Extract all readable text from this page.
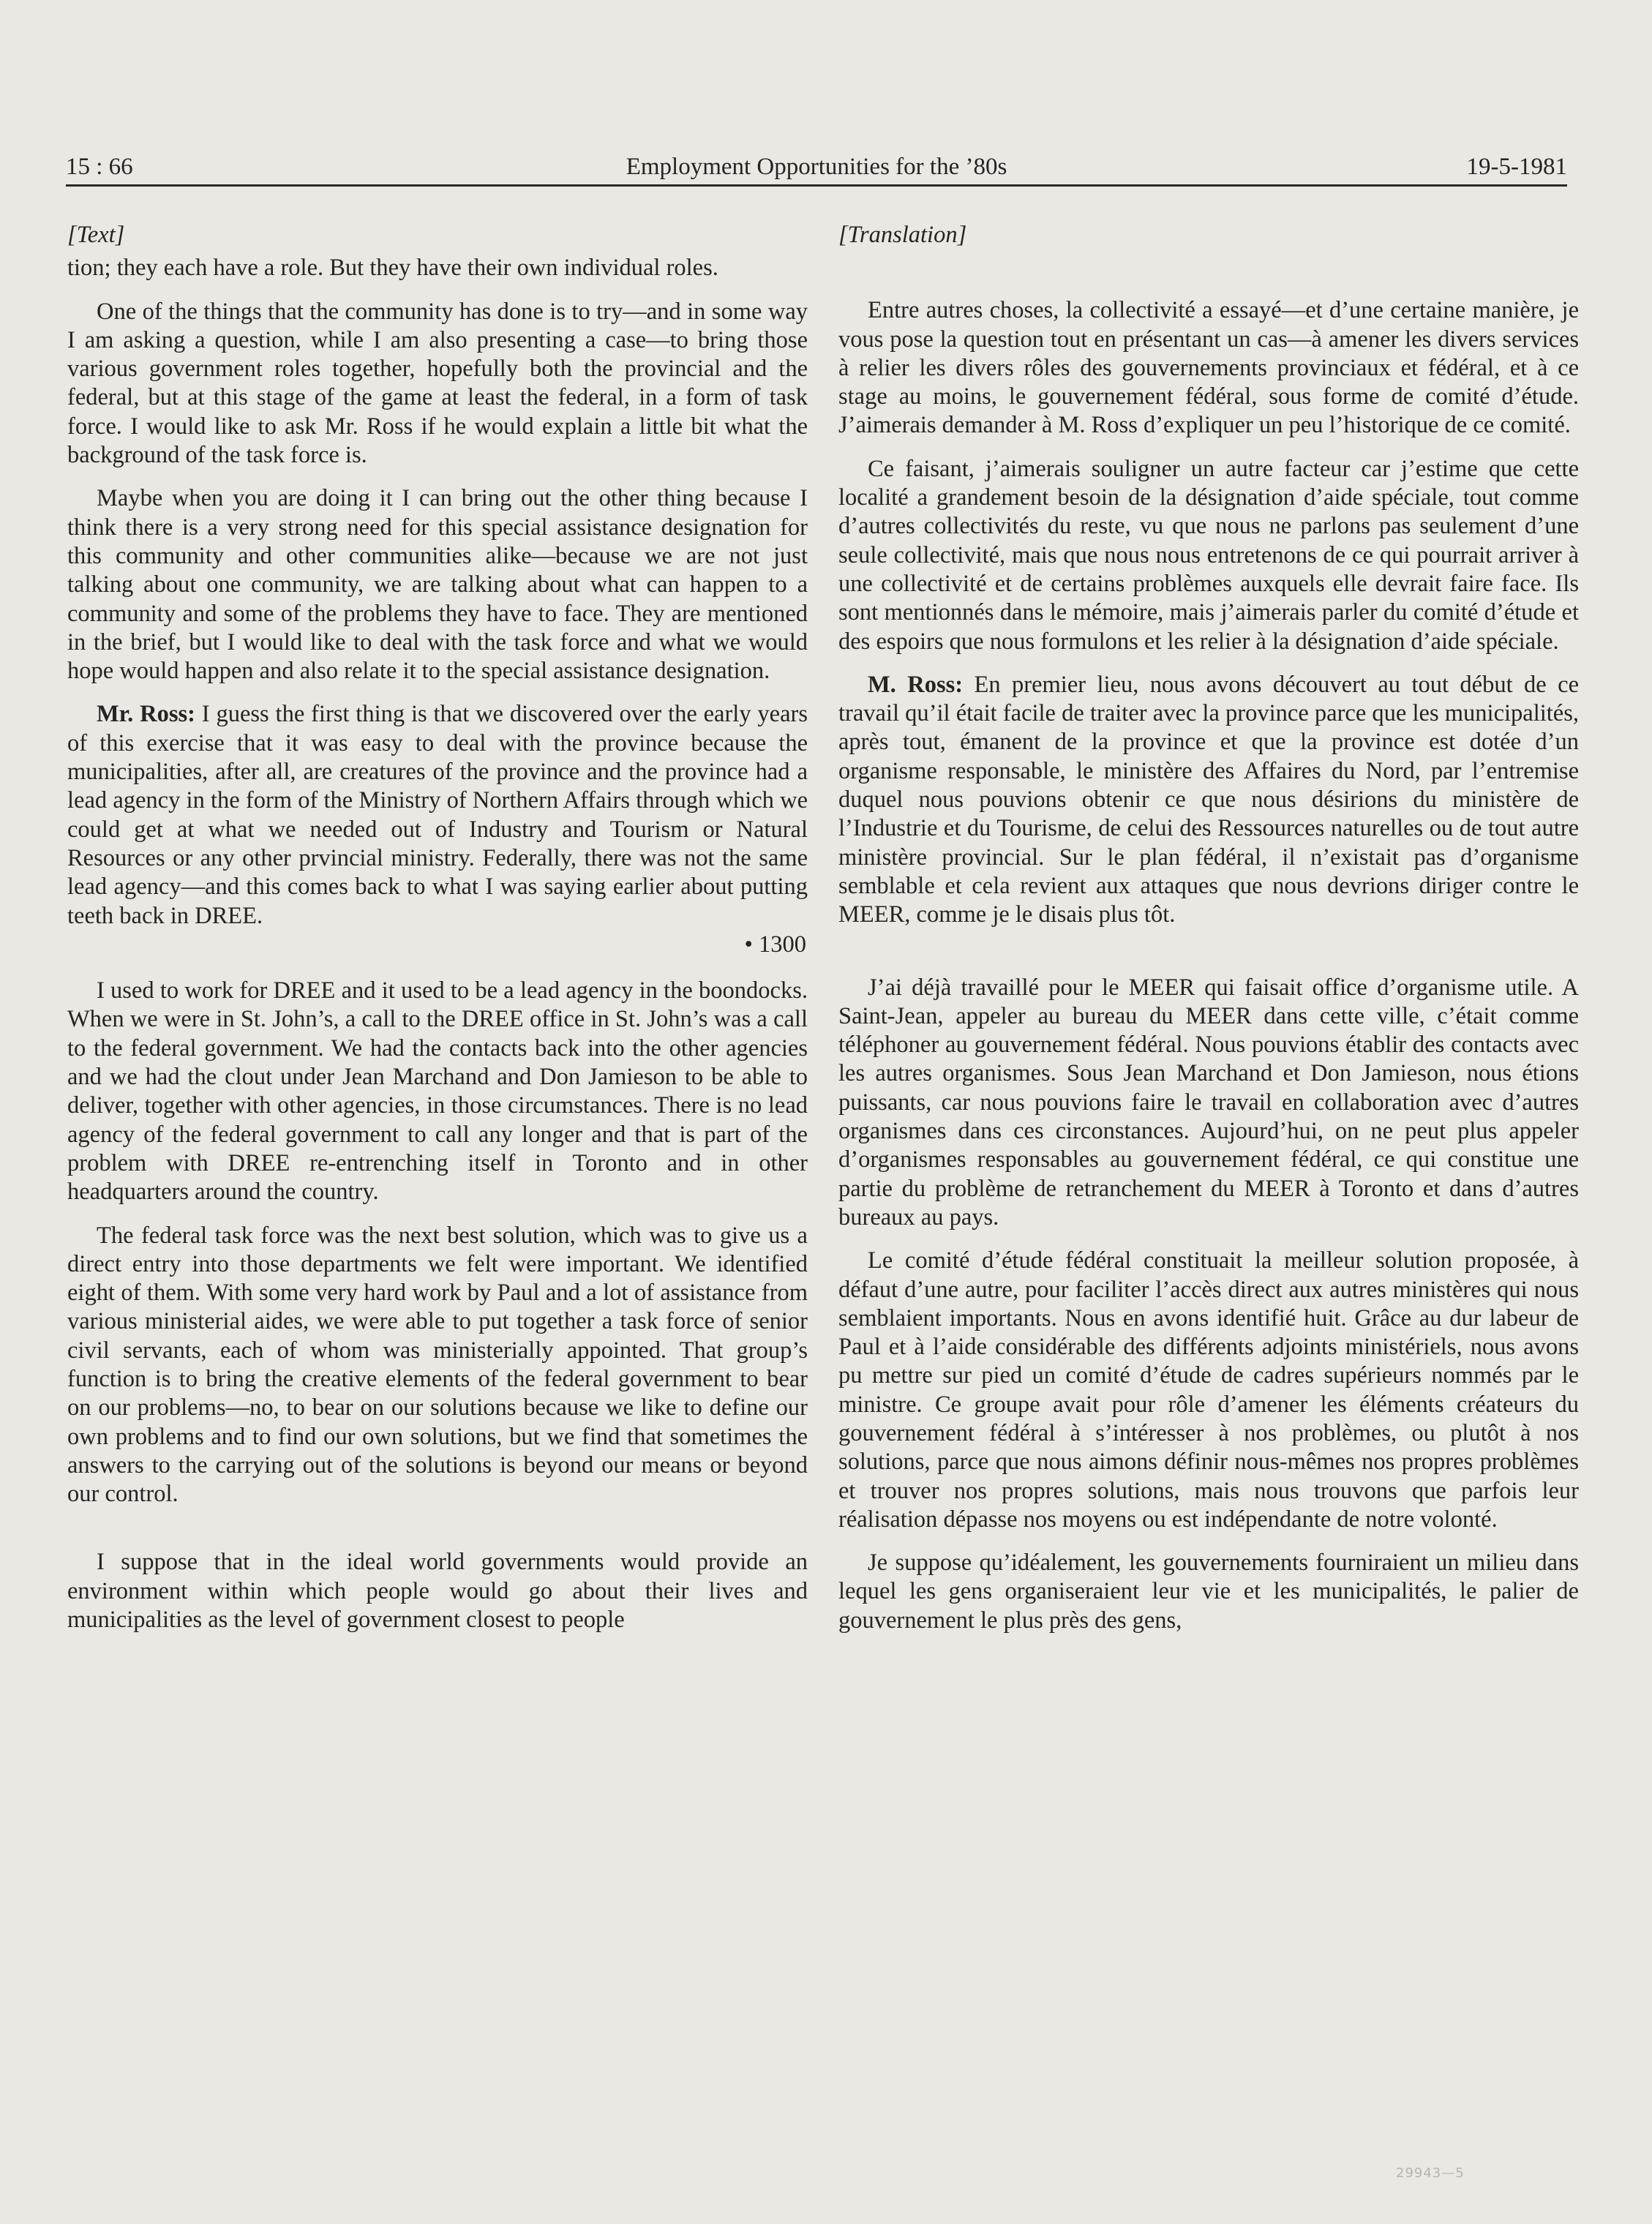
15 : 66	Employment Opportunities for the ’80s	19-5-1981

[Text]

tion; they each have a role. But they have their own individual roles.

One of the things that the community has done is to try—and in some way I am asking a question, while I am also presenting a case—to bring those various government roles together, hopefully both the provincial and the federal, but at this stage of the game at least the federal, in a form of task force. I would like to ask Mr. Ross if he would explain a little bit what the background of the task force is.

Maybe when you are doing it I can bring out the other thing because I think there is a very strong need for this special assistance designation for this community and other communities alike—because we are not just talking about one community, we are talking about what can happen to a community and some of the problems they have to face. They are mentioned in the brief, but I would like to deal with the task force and what we would hope would happen and also relate it to the special assistance designation.

Mr. Ross: I guess the first thing is that we discovered over the early years of this exercise that it was easy to deal with the province because the municipalities, after all, are creatures of the province and the province had a lead agency in the form of the Ministry of Northern Affairs through which we could get at what we needed out of Industry and Tourism or Natural Resources or any other prvincial ministry. Federally, there was not the same lead agency—and this comes back to what I was saying earlier about putting teeth back in DREE.

• 1300

I used to work for DREE and it used to be a lead agency in the boondocks. When we were in St. John’s, a call to the DREE office in St. John’s was a call to the federal government. We had the contacts back into the other agencies and we had the clout under Jean Marchand and Don Jamieson to be able to deliver, together with other agencies, in those circumstances. There is no lead agency of the federal government to call any longer and that is part of the problem with DREE re-entrenching itself in Toronto and in other headquarters around the country.

The federal task force was the next best solution, which was to give us a direct entry into those departments we felt were important. We identified eight of them. With some very hard work by Paul and a lot of assistance from various ministerial aides, we were able to put together a task force of senior civil servants, each of whom was ministerially appointed. That group’s function is to bring the creative elements of the federal government to bear on our problems—no, to bear on our solutions because we like to define our own problems and to find our own solutions, but we find that sometimes the answers to the carrying out of the solutions is beyond our means or beyond our control.

I suppose that in the ideal world governments would provide an environment within which people would go about their lives and municipalities as the level of government closest to people

[Translation]

Entre autres choses, la collectivité a essayé—et d’une certaine manière, je vous pose la question tout en présentant un cas—à amener les divers services à relier les divers rôles des gouvernements provinciaux et fédéral, et à ce stage au moins, le gouvernement fédéral, sous forme de comité d’étude. J’aimerais demander à M. Ross d’expliquer un peu l’historique de ce comité.

Ce faisant, j’aimerais souligner un autre facteur car j’estime que cette localité a grandement besoin de la désignation d’aide spéciale, tout comme d’autres collectivités du reste, vu que nous ne parlons pas seulement d’une seule collectivité, mais que nous nous entretenons de ce qui pourrait arriver à une collectivité et de certains problèmes auxquels elle devrait faire face. Ils sont mentionnés dans le mémoire, mais j’aimerais parler du comité d’étude et des espoirs que nous formulons et les relier à la désignation d’aide spéciale.

M. Ross: En premier lieu, nous avons découvert au tout début de ce travail qu’il était facile de traiter avec la province parce que les municipalités, après tout, émanent de la province et que la province est dotée d’un organisme responsable, le ministère des Affaires du Nord, par l’entremise duquel nous pouvions obtenir ce que nous désirions du ministère de l’Industrie et du Tourisme, de celui des Ressources naturelles ou de tout autre ministère provincial. Sur le plan fédéral, il n’existait pas d’organisme semblable et cela revient aux attaques que nous devrions diriger contre le MEER, comme je le disais plus tôt.

J’ai déjà travaillé pour le MEER qui faisait office d’organisme utile. A Saint-Jean, appeler au bureau du MEER dans cette ville, c’était comme téléphoner au gouvernement fédéral. Nous pouvions établir des contacts avec les autres organismes. Sous Jean Marchand et Don Jamieson, nous étions puissants, car nous pouvions faire le travail en collaboration avec d’autres organismes dans ces circonstances. Aujourd’hui, on ne peut plus appeler d’organismes responsables au gouvernement fédéral, ce qui constitue une partie du problème de retranchement du MEER à Toronto et dans d’autres bureaux au pays.

Le comité d’étude fédéral constituait la meilleur solution proposée, à défaut d’une autre, pour faciliter l’accès direct aux autres ministères qui nous semblaient importants. Nous en avons identifié huit. Grâce au dur labeur de Paul et à l’aide considérable des différents adjoints ministériels, nous avons pu mettre sur pied un comité d’étude de cadres supérieurs nommés par le ministre. Ce groupe avait pour rôle d’amener les éléments créateurs du gouvernement fédéral à s’intéresser à nos problèmes, ou plutôt à nos solutions, parce que nous aimons définir nous-mêmes nos propres problèmes et trouver nos propres solutions, mais nous trouvons que parfois leur réalisation dépasse nos moyens ou est indépendante de notre volonté.

Je suppose qu’idéalement, les gouvernements fourniraient un milieu dans lequel les gens organiseraient leur vie et les municipalités, le palier de gouvernement le plus près des gens,

29943—5
